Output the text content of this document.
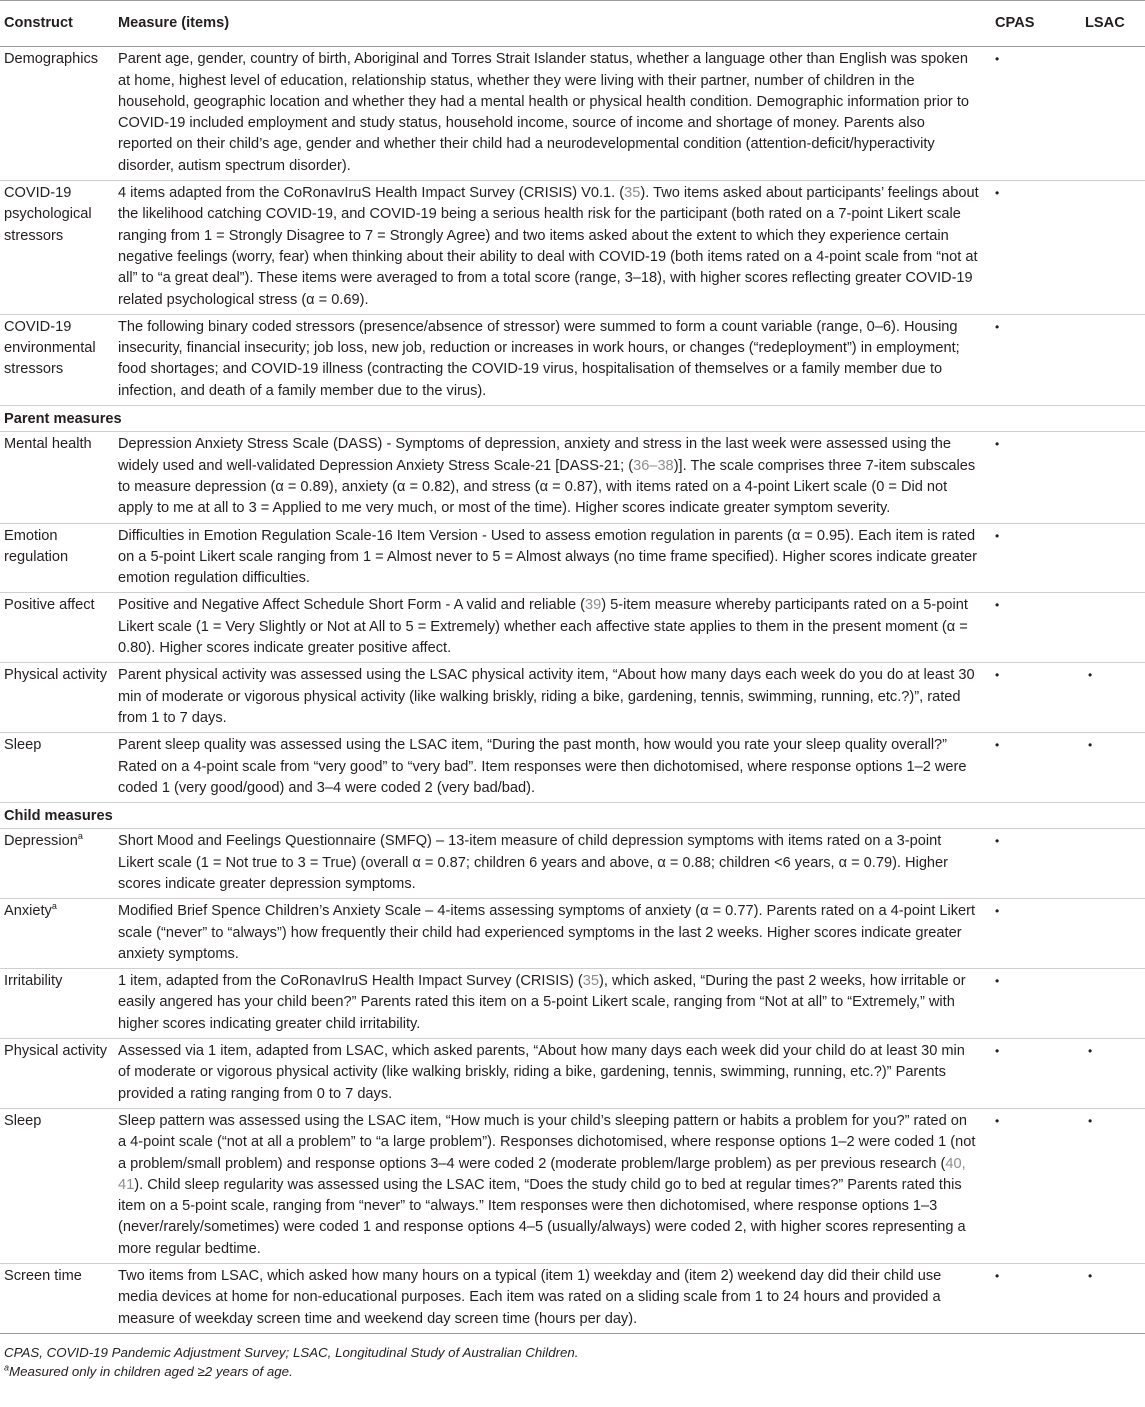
Construct	Measure (items)	CPAS	LSAC
Demographics	Parent age, gender, country of birth, Aboriginal and Torres Strait Islander status, whether a language other than English was spoken at home, highest level of education, relationship status, whether they were living with their partner, number of children in the household, geographic location and whether they had a mental health or physical health condition. Demographic information prior to COVID-19 included employment and study status, household income, source of income and shortage of money. Parents also reported on their child’s age, gender and whether their child had a neurodevelopmental condition (attention-deficit/hyperactivity disorder, autism spectrum disorder).	•	
COVID-19 psychological stressors	4 items adapted from the CoRonavIruS Health Impact Survey (CRISIS) V0.1. (35). Two items asked about participants’ feelings about the likelihood catching COVID-19, and COVID-19 being a serious health risk for the participant (both rated on a 7-point Likert scale ranging from 1 = Strongly Disagree to 7 = Strongly Agree) and two items asked about the extent to which they experience certain negative feelings (worry, fear) when thinking about their ability to deal with COVID-19 (both items rated on a 4-point scale from “not at all” to “a great deal”). These items were averaged to from a total score (range, 3–18), with higher scores reflecting greater COVID-19 related psychological stress (α = 0.69).	•	
COVID-19 environmental stressors	The following binary coded stressors (presence/absence of stressor) were summed to form a count variable (range, 0–6). Housing insecurity, financial insecurity; job loss, new job, reduction or increases in work hours, or changes (“redeployment”) in employment; food shortages; and COVID-19 illness (contracting the COVID-19 virus, hospitalisation of themselves or a family member due to infection, and death of a family member due to the virus).	•	
Parent measures			
Mental health	Depression Anxiety Stress Scale (DASS) - Symptoms of depression, anxiety and stress in the last week were assessed using the widely used and well-validated Depression Anxiety Stress Scale-21 [DASS-21; (36–38)]. The scale comprises three 7-item subscales to measure depression (α = 0.89), anxiety (α = 0.82), and stress (α = 0.87), with items rated on a 4-point Likert scale (0 = Did not apply to me at all to 3 = Applied to me very much, or most of the time). Higher scores indicate greater symptom severity.	•	
Emotion regulation	Difficulties in Emotion Regulation Scale-16 Item Version - Used to assess emotion regulation in parents (α = 0.95). Each item is rated on a 5-point Likert scale ranging from 1 = Almost never to 5 = Almost always (no time frame specified). Higher scores indicate greater emotion regulation difficulties.	•	
Positive affect	Positive and Negative Affect Schedule Short Form - A valid and reliable (39) 5-item measure whereby participants rated on a 5-point Likert scale (1 = Very Slightly or Not at All to 5 = Extremely) whether each affective state applies to them in the present moment (α = 0.80). Higher scores indicate greater positive affect.	•	
Physical activity	Parent physical activity was assessed using the LSAC physical activity item, “About how many days each week do you do at least 30 min of moderate or vigorous physical activity (like walking briskly, riding a bike, gardening, tennis, swimming, running, etc.?)”, rated from 1 to 7 days.	•	•
Sleep	Parent sleep quality was assessed using the LSAC item, “During the past month, how would you rate your sleep quality overall?” Rated on a 4-point scale from “very good” to “very bad”. Item responses were then dichotomised, where response options 1–2 were coded 1 (very good/good) and 3–4 were coded 2 (very bad/bad).	•	•
Child measures			
Depression$^a$	Short Mood and Feelings Questionnaire (SMFQ) – 13-item measure of child depression symptoms with items rated on a 3-point Likert scale (1 = Not true to 3 = True) (overall α = 0.87; children 6 years and above, α = 0.88; children <6 years, α = 0.79). Higher scores indicate greater depression symptoms.	•	
Anxiety$^a$	Modified Brief Spence Children’s Anxiety Scale – 4-items assessing symptoms of anxiety (α = 0.77). Parents rated on a 4-point Likert scale (“never” to “always”) how frequently their child had experienced symptoms in the last 2 weeks. Higher scores indicate greater anxiety symptoms.	•	
Irritability	1 item, adapted from the CoRonavIruS Health Impact Survey (CRISIS) (35), which asked, “During the past 2 weeks, how irritable or easily angered has your child been?” Parents rated this item on a 5-point Likert scale, ranging from “Not at all” to “Extremely,” with higher scores indicating greater child irritability.	•	
Physical activity	Assessed via 1 item, adapted from LSAC, which asked parents, “About how many days each week did your child do at least 30 min of moderate or vigorous physical activity (like walking briskly, riding a bike, gardening, tennis, swimming, running, etc.?)” Parents provided a rating ranging from 0 to 7 days.	•	•
Sleep	Sleep pattern was assessed using the LSAC item, “How much is your child’s sleeping pattern or habits a problem for you?” rated on a 4-point scale (“not at all a problem” to “a large problem”). Responses dichotomised, where response options 1–2 were coded 1 (not a problem/small problem) and response options 3–4 were coded 2 (moderate problem/large problem) as per previous research (40, 41). Child sleep regularity was assessed using the LSAC item, “Does the study child go to bed at regular times?” Parents rated this item on a 5-point scale, ranging from “never” to “always.” Item responses were then dichotomised, where response options 1–3 (never/rarely/sometimes) were coded 1 and response options 4–5 (usually/always) were coded 2, with higher scores representing a more regular bedtime.	•	•
Screen time	Two items from LSAC, which asked how many hours on a typical (item 1) weekday and (item 2) weekend day did their child use media devices at home for non-educational purposes. Each item was rated on a sliding scale from 1 to 24 hours and provided a measure of weekday screen time and weekend day screen time (hours per day).	•	•
CPAS, COVID-19 Pandemic Adjustment Survey; LSAC, Longitudinal Study of Australian Children.
$^a$Measured only in children aged ≥2 years of age.
